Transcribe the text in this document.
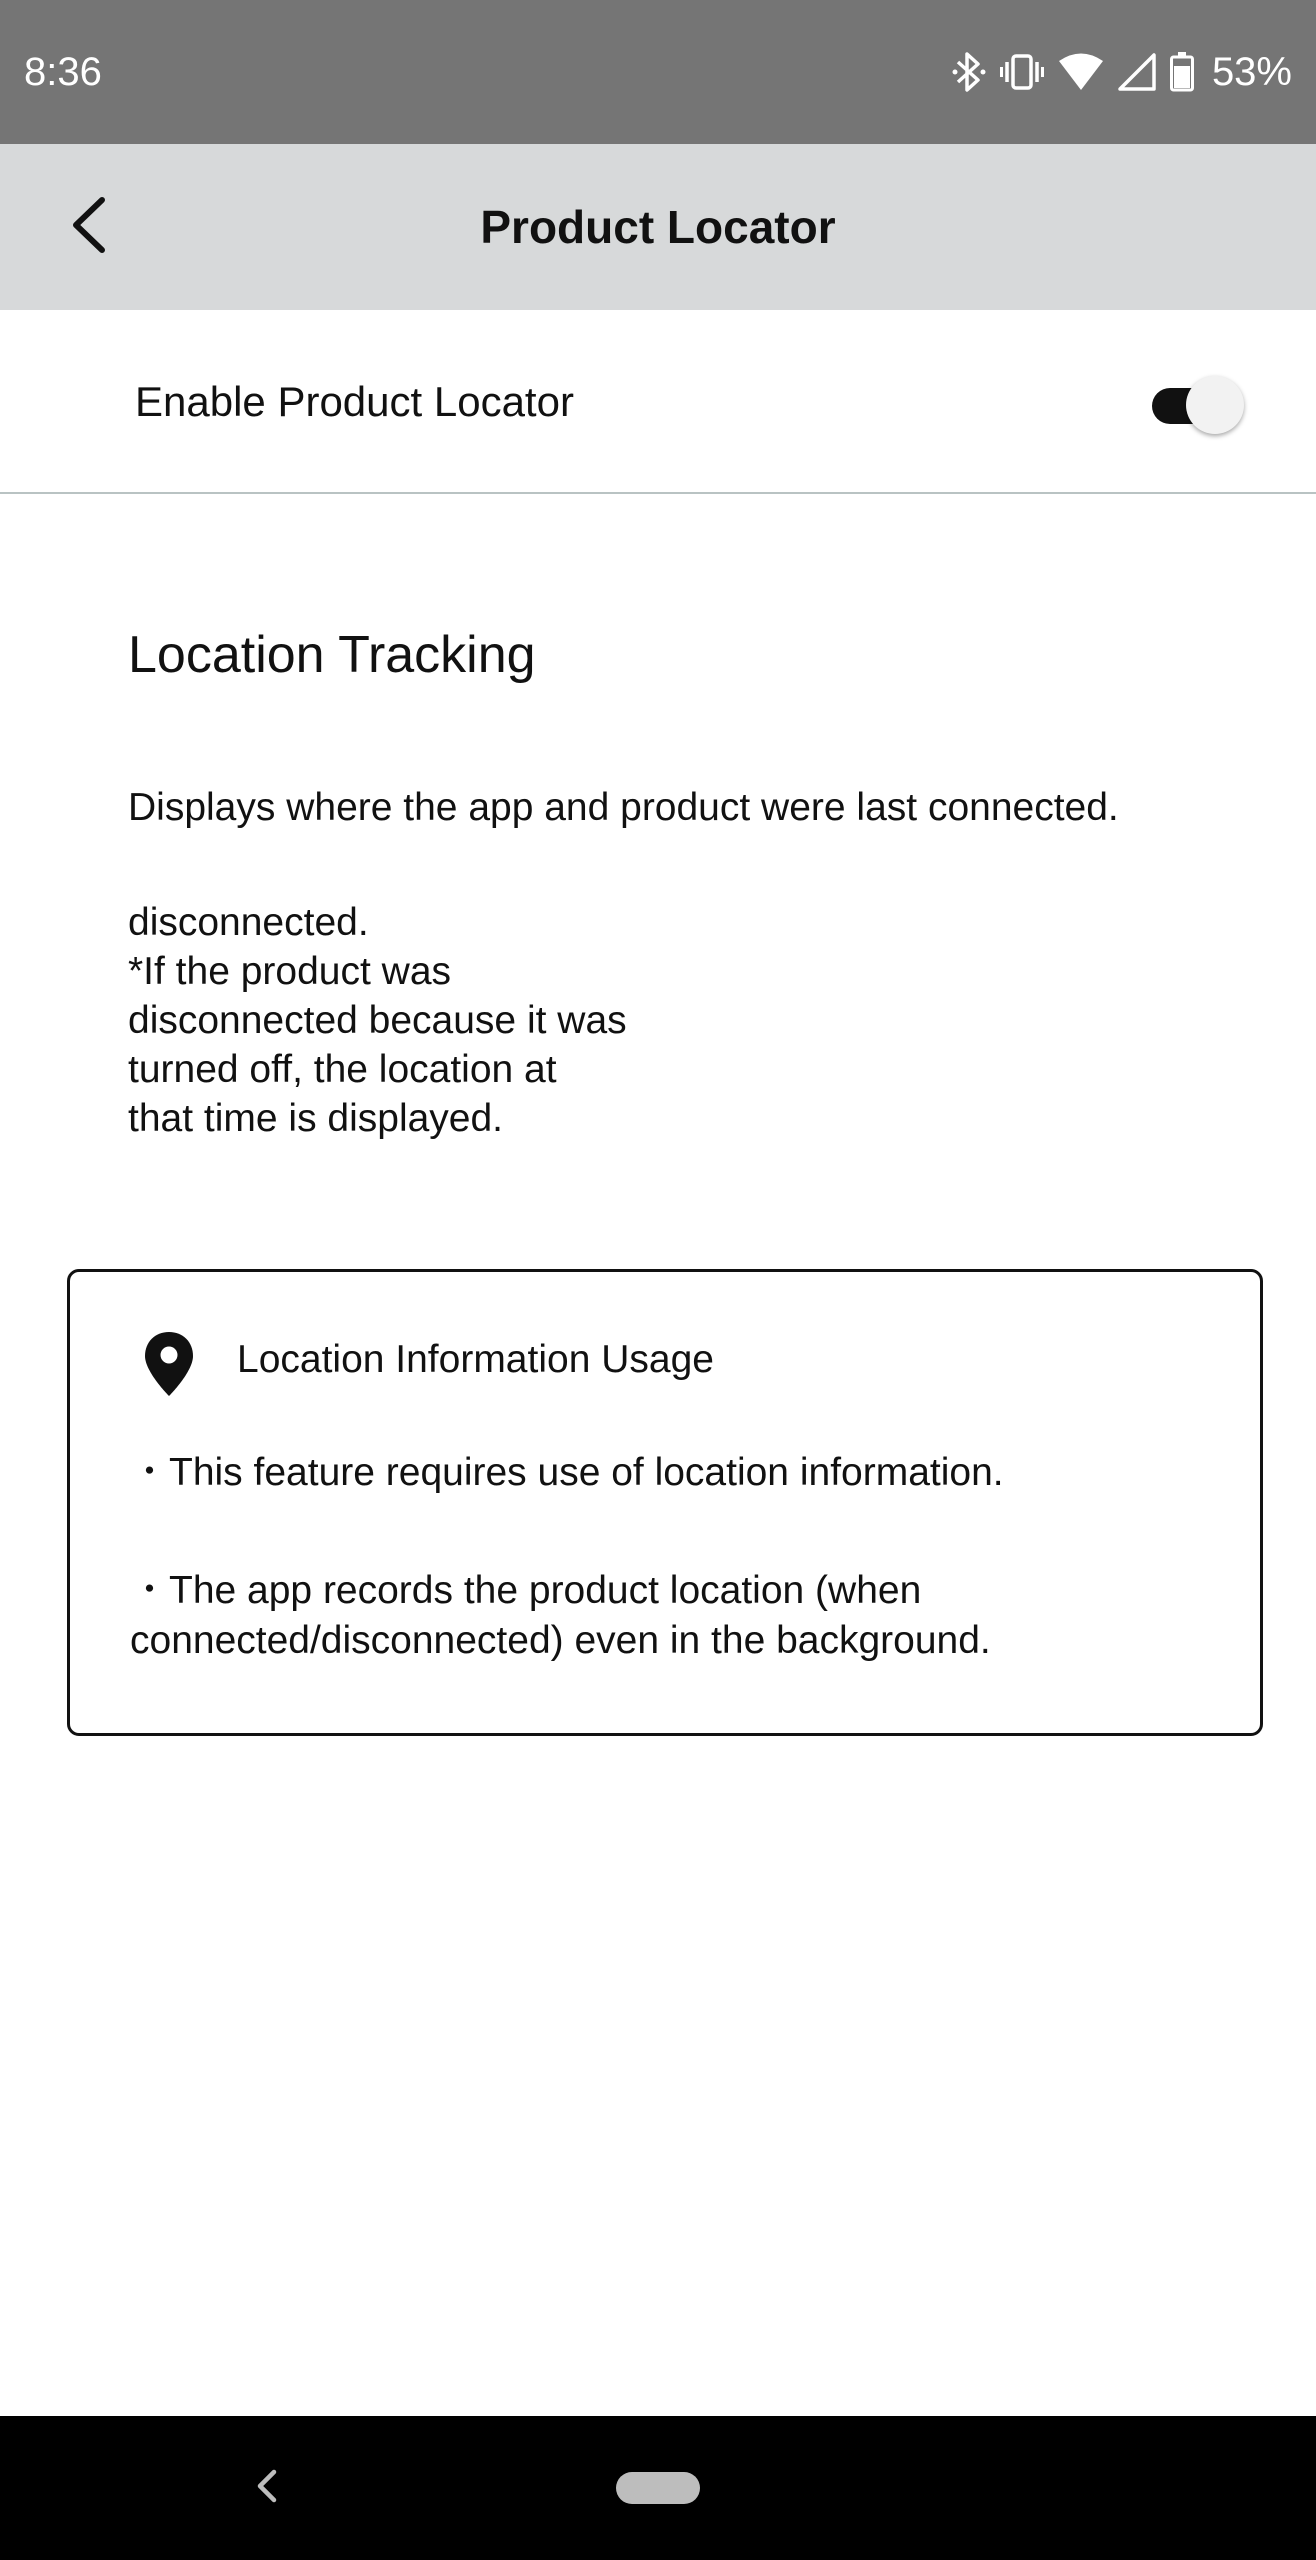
8:36	53%
Product Locator
Enable Product Locator
Location Tracking
Displays where the app and product were last connected.
disconnected.
*If the product was
disconnected because it was
turned off, the location at
that time is displayed.
Location Information Usage
・This feature requires use of location information.
・The app records the product location (when connected/disconnected) even in the background.
